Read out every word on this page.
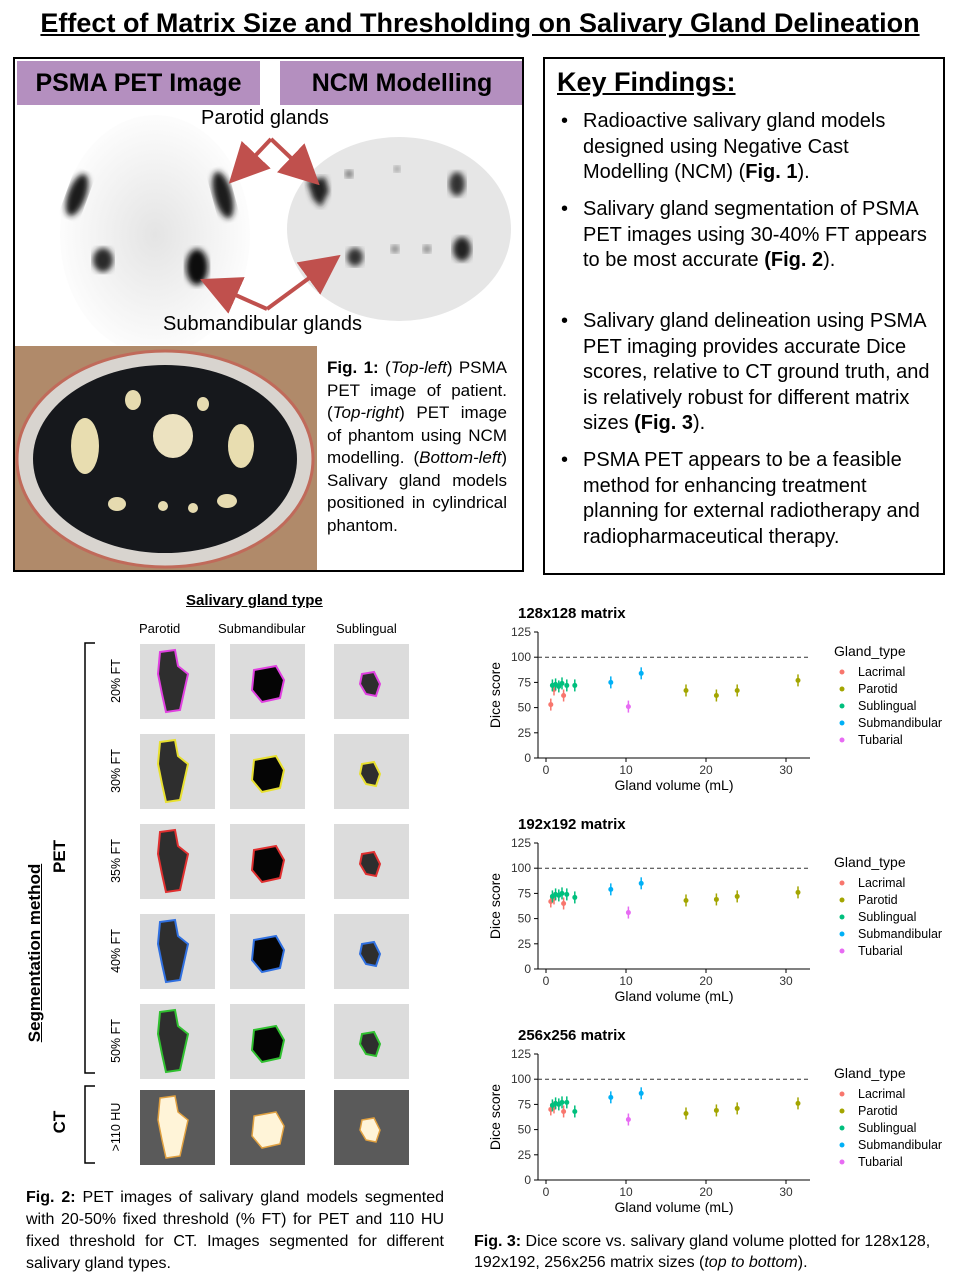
Effect of Matrix Size and Thresholding on Salivary Gland Delineation
PSMA PET Image	NCM Modelling
Parotid glands
Submandibular glands
Fig. 1: (Top-left) PSMA PET image of patient. (Top-right) PET image of phantom using NCM modelling. (Bottom-left) Salivary gland models positioned in cylindrical phantom.
Key Findings:
• Radioactive salivary gland models designed using Negative Cast Modelling (NCM) (Fig. 1).
• Salivary gland segmentation of PSMA PET images using 30-40% FT appears to be most accurate (Fig. 2).
• Salivary gland delineation using PSMA PET imaging provides accurate Dice scores, relative to CT ground truth, and is relatively robust for different matrix sizes (Fig. 3).
• PSMA PET appears to be a feasible method for enhancing treatment planning for external radiotherapy and radiopharmaceutical therapy.
Salivary gland type
Parotid	Submandibular Sublingual
Segmentation method
PET
CT
20% FT
30% FT
35% FT
40% FT
50% FT
>110 HU
Fig. 2: PET images of salivary gland models segmented with 20-50% fixed threshold (% FT) for PET and 110 HU fixed threshold for CT. Images segmented for different salivary gland types.
128x128 matrix
0
25
50
75
100
125
0	10	20	30
Gland volume (mL)
Dice score
Gland_type
Lacrimal
Parotid
Sublingual
Submandibular
Tubarial
192x192 matrix
0
25
50
75
100
125
0	10	20	30
Gland volume (mL)
Dice score
Gland_type
Lacrimal
Parotid
Sublingual
Submandibular
Tubarial
256x256 matrix
0
25
50
75
100
125
0	10	20	30
Gland volume (mL)
Dice score
Gland_type
Lacrimal
Parotid
Sublingual
Submandibular
Tubarial
Fig. 3: Dice score vs. salivary gland volume plotted for 128x128, 192x192, 256x256 matrix sizes (top to bottom).
